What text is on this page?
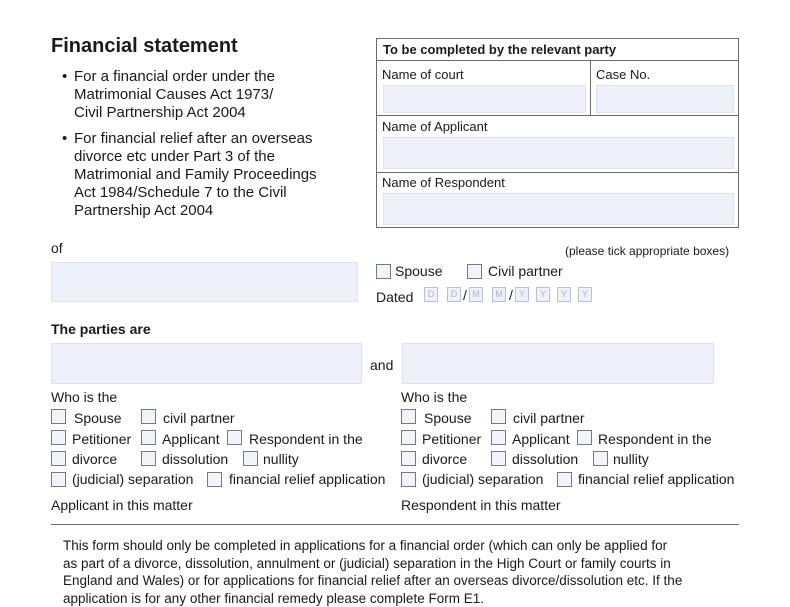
Financial statement
• For a financial order under the
Matrimonial Causes Act 1973/
Civil Partnership Act 2004
• For financial relief after an overseas
divorce etc under Part 3 of the
Matrimonial and Family Proceedings
Act 1984/Schedule 7 to the Civil
Partnership Act 2004
To be completed by the relevant party
Name of court	Case No.
Name of Applicant
Name of Respondent
of	(please tick appropriate boxes)
Spouse	Civil partner
Dated	D	D / M	M / Y	Y	Y	Y
The parties are
and
Who is the
Spouse	civil partner
Petitioner Applicant Respondent in the
divorce	dissolution nullity
(judicial) separation	financial relief application
Applicant in this matter
Who is the
Spouse	civil partner
Petitioner Applicant Respondent in the
divorce	dissolution nullity
(judicial) separation financial relief application
Respondent in this matter
This form should only be completed in applications for a financial order (which can only be applied for
as part of a divorce, dissolution, annulment or (judicial) separation in the High Court or family courts in
England and Wales) or for applications for financial relief after an overseas divorce/dissolution etc. If the
application is for any other financial remedy please complete Form E1.
